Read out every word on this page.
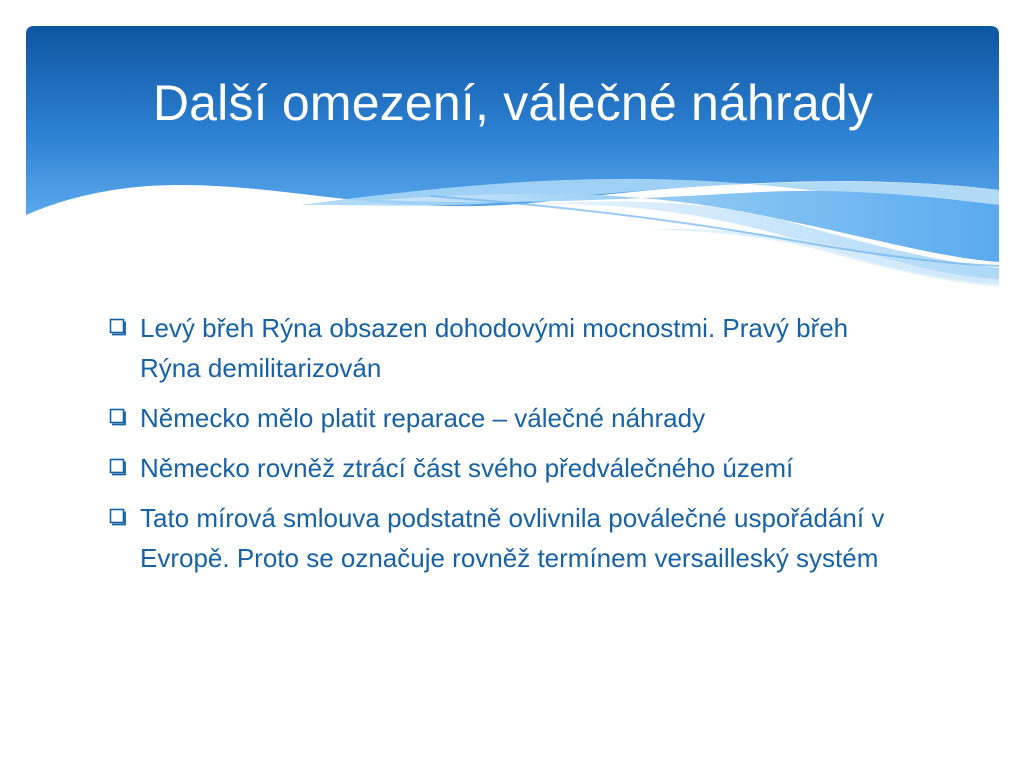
Další omezení, válečné náhrady
Levý břeh Rýna obsazen dohodovými mocnostmi. Pravý břeh Rýna demilitarizován
Německo mělo platit reparace – válečné náhrady
Německo rovněž ztrácí část svého předválečného území
Tato mírová smlouva podstatně ovlivnila poválečné uspořádání v Evropě. Proto se označuje rovněž termínem versailleský systém
